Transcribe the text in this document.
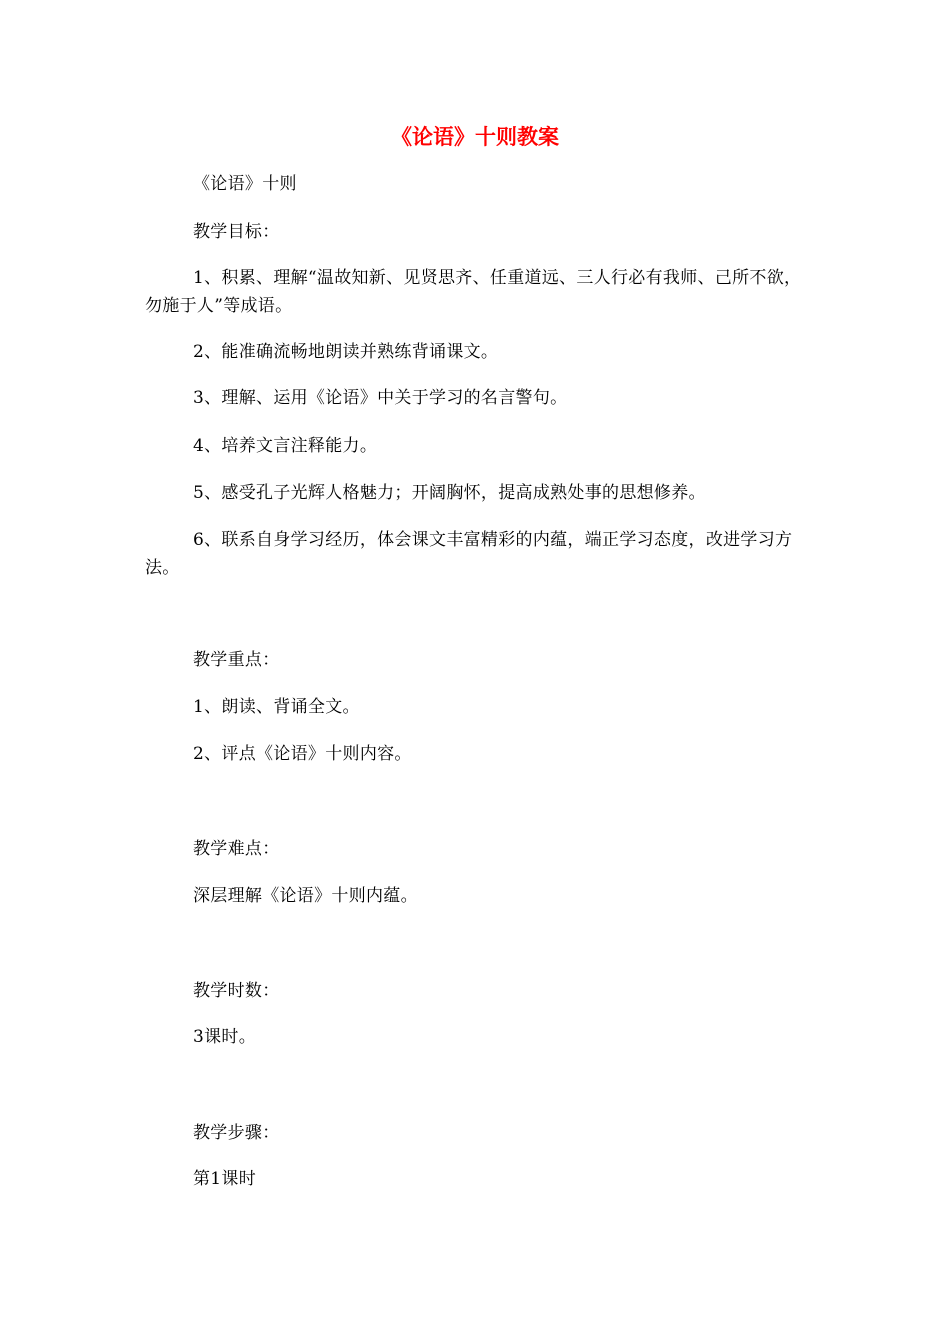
《论语》十则教案

《论语》十则

教学目标：

1、积累、理解“温故知新、见贤思齐、任重道远、三人行必有我师、己所不欲，勿施于人”等成语。

2、能准确流畅地朗读并熟练背诵课文。

3、理解、运用《论语》中关于学习的名言警句。

4、培养文言注释能力。

5、感受孔子光辉人格魅力；开阔胸怀，提高成熟处事的思想修养。

6、联系自身学习经历，体会课文丰富精彩的内蕴，端正学习态度，改进学习方法。

教学重点：

1、朗读、背诵全文。

2、评点《论语》十则内容。

教学难点：

深层理解《论语》十则内蕴。

教学时数：

3课时。

教学步骤：

第1课时
